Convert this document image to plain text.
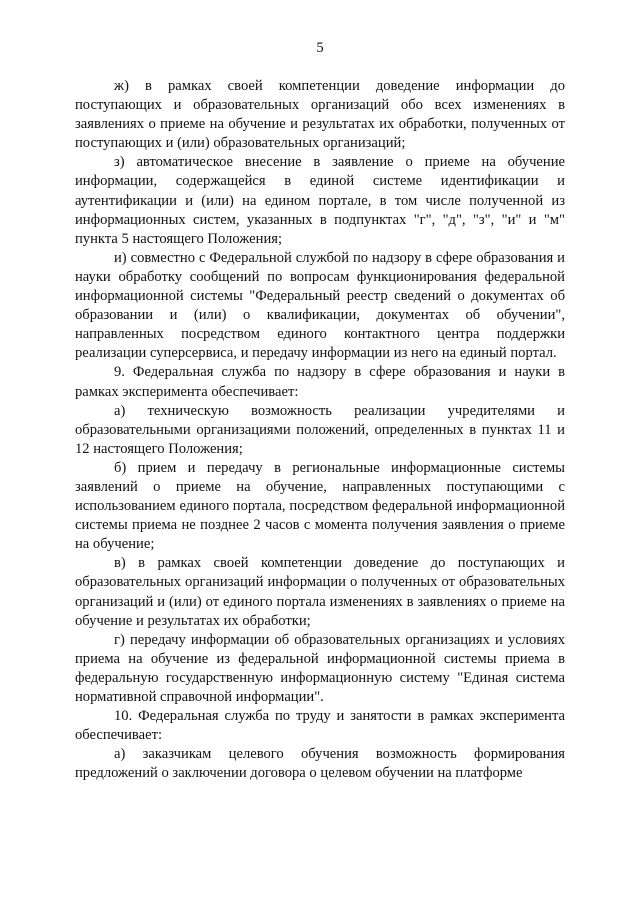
5

ж) в рамках своей компетенции доведение информации до поступающих и образовательных организаций обо всех изменениях в заявлениях о приеме на обучение и результатах их обработки, полученных от поступающих и (или) образовательных организаций;

з) автоматическое внесение в заявление о приеме на обучение информации, содержащейся в единой системе идентификации и аутентификации и (или) на едином портале, в том числе полученной из информационных систем, указанных в подпунктах "г", "д", "з", "и" и "м" пункта 5 настоящего Положения;

и) совместно с Федеральной службой по надзору в сфере образования и науки обработку сообщений по вопросам функционирования федеральной информационной системы "Федеральный реестр сведений о документах об образовании и (или) о квалификации, документах об обучении", направленных посредством единого контактного центра поддержки реализации суперсервиса, и передачу информации из него на единый портал.

9. Федеральная служба по надзору в сфере образования и науки в рамках эксперимента обеспечивает:

а) техническую возможность реализации учредителями и образовательными организациями положений, определенных в пунктах 11 и 12 настоящего Положения;

б) прием и передачу в региональные информационные системы заявлений о приеме на обучение, направленных поступающими с использованием единого портала, посредством федеральной информационной системы приема не позднее 2 часов с момента получения заявления о приеме на обучение;

в) в рамках своей компетенции доведение до поступающих и образовательных организаций информации о полученных от образовательных организаций и (или) от единого портала изменениях в заявлениях о приеме на обучение и результатах их обработки;

г) передачу информации об образовательных организациях и условиях приема на обучение из федеральной информационной системы приема в федеральную государственную информационную систему "Единая система нормативной справочной информации".

10. Федеральная служба по труду и занятости в рамках эксперимента обеспечивает:

а) заказчикам целевого обучения возможность формирования предложений о заключении договора о целевом обучении на платформе
